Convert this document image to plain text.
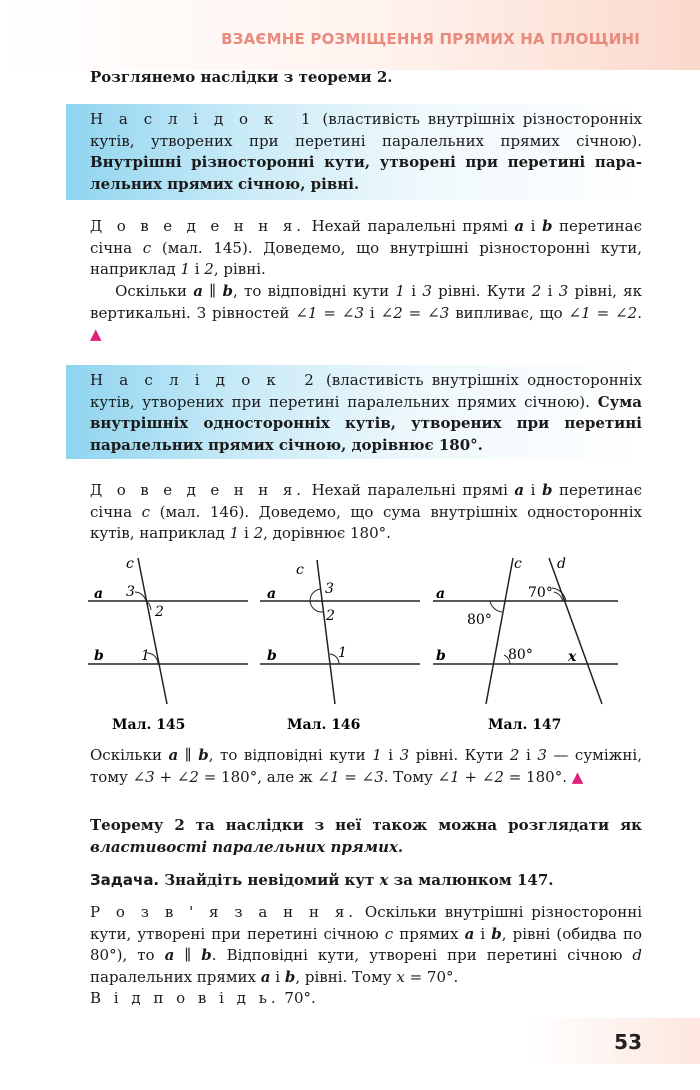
ВЗАЄМНЕ РОЗМІЩЕННЯ ПРЯМИХ НА ПЛОЩИНІ

Розглянемо наслідки з теореми 2.

Н а с л і д о к  1 (властивість внутрішніх різносторонніх кутів, утворених при перетині паралельних прямих січною). Внутрішні різносторонні кути, утворені при перетині паралельних прямих січною, рівні.

Д о в е д е н н я. Нехай паралельні прямі a і b перетинає січна c (мал. 145). Доведемо, що внутрішні різносторонні кути, наприклад 1 і 2, рівні.

Оскільки a ∥ b, то відповідні кути 1 і 3 рівні. Кути 2 і 3 рівні, як вертикальні. З рівностей ∠1 = ∠3 і ∠2 = ∠3 випливає, що ∠1 = ∠2. ▲

Н а с л і д о к  2 (властивість внутрішніх односторонніх кутів, утворених при перетині паралельних прямих січною). Сума внутрішніх односторонніх кутів, утворених при перетині паралельних прямих січною, дорівнює 180°.

Д о в е д е н н я. Нехай паралельні прямі a і b перетинає січна c (мал. 146). Доведемо, що сума внутрішніх односторонніх кутів, наприклад 1 і 2, дорівнює 180°.

a
b
c
3
2
1
Мал. 145
a
b
c
3
2
1
Мал. 146
a
b
c	d
70°
80°
80°	x
Мал. 147

Оскільки a ∥ b, то відповідні кути 1 і 3 рівні. Кути 2 і 3 — суміжні, тому ∠3 + ∠2 = 180°, але ж ∠1 = ∠3. Тому ∠1 + ∠2 = 180°. ▲

Теорему 2 та наслідки з неї також можна розглядати як властивості паралельних прямих.

Задача. Знайдіть невідомий кут x за малюнком 147.

Р о з в ' я з а н н я. Оскільки внутрішні різносторонні кути, утворені при перетині січною c прямих a і b, рівні (обидва по 80°), то a ∥ b. Відповідні кути, утворені при перетині січною d паралельних прямих a і b, рівні. Тому x = 70°.

В і д п о в і д ь. 70°.

53
